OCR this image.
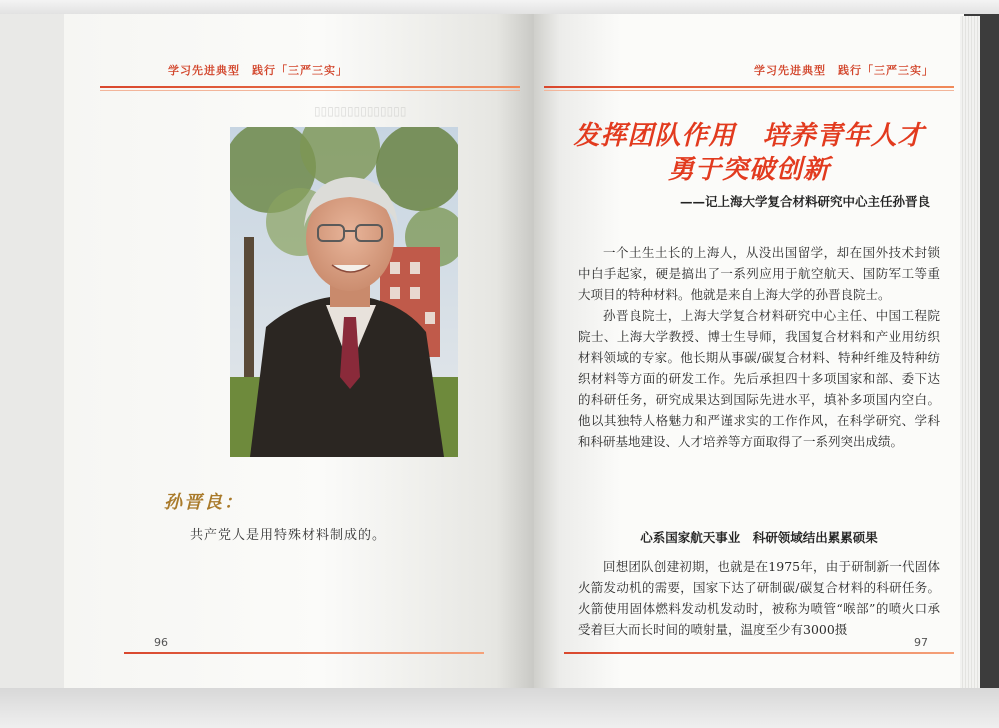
▯▯▯▯▯▯▯▯▯▯▯▯▯▯
学习先进典型　践行「三严三实」
孙晋良：
共产党人是用特殊材料制成的。
96
学习先进典型　践行「三严三实」
发挥团队作用　培养青年人才
勇于突破创新
——记上海大学复合材料研究中心主任孙晋良

一个土生土长的上海人，从没出国留学，却在国外技术封锁中白手起家，硬是搞出了一系列应用于航空航天、国防军工等重大项目的特种材料。他就是来自上海大学的孙晋良院士。

孙晋良院士，上海大学复合材料研究中心主任、中国工程院院士、上海大学教授、博士生导师，我国复合材料和产业用纺织材料领域的专家。他长期从事碳/碳复合材料、特种纤维及特种纺织材料等方面的研发工作。先后承担四十多项国家和部、委下达的科研任务，研究成果达到国际先进水平，填补多项国内空白。他以其独特人格魅力和严谨求实的工作作风，在科学研究、学科和科研基地建设、人才培养等方面取得了一系列突出成绩。

心系国家航天事业　科研领域结出累累硕果

回想团队创建初期，也就是在1975年，由于研制新一代固体火箭发动机的需要，国家下达了研制碳/碳复合材料的科研任务。火箭使用固体燃料发动机发动时，被称为喷管“喉部”的喷火口承受着巨大而长时间的喷射量，温度至少有3000摄

97
